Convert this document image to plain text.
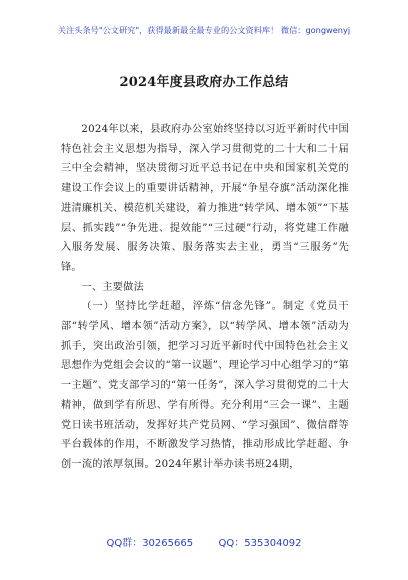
关注头条号"公文研究"，获得最新最全最专业的公文资料库！ 微信：gongwenyj
2024年度县政府办工作总结

2024年以来，县政府办公室始终坚持以习近平新时代中国特色社会主义思想为指导，深入学习贯彻党的二十大和二十届三中全会精神，坚决贯彻习近平总书记在中央和国家机关党的建设工作会议上的重要讲话精神，开展“争星夺旗”活动深化推进清廉机关、模范机关建设，着力推进“转学风、增本领”“下基层、抓实践”“争先进、提效能”“三过硬”行动，将党建工作融入服务发展、服务决策、服务落实去主业，勇当“三服务”先锋。

一、主要做法

（一）坚持比学赶超，淬炼“信念先锋”。制定《党员干部“转学风、增本领”活动方案》，以“转学风、增本领”活动为抓手，突出政治引领，把学习习近平新时代中国特色社会主义思想作为党组会会议的“第一议题”、理论学习中心组学习的“第一主题”、党支部学习的“第一任务”，深入学习贯彻党的二十大精神，做到学有所思、学有所得。充分利用“三会一课”、主题党日读书班活动，发挥好共产党员网、“学习强国”、微信群等平台载体的作用，不断激发学习热情，推动形成比学赶超、争创一流的浓厚氛围。2024年累计举办读书班24期，

QQ群：30265665	QQ：535304092
